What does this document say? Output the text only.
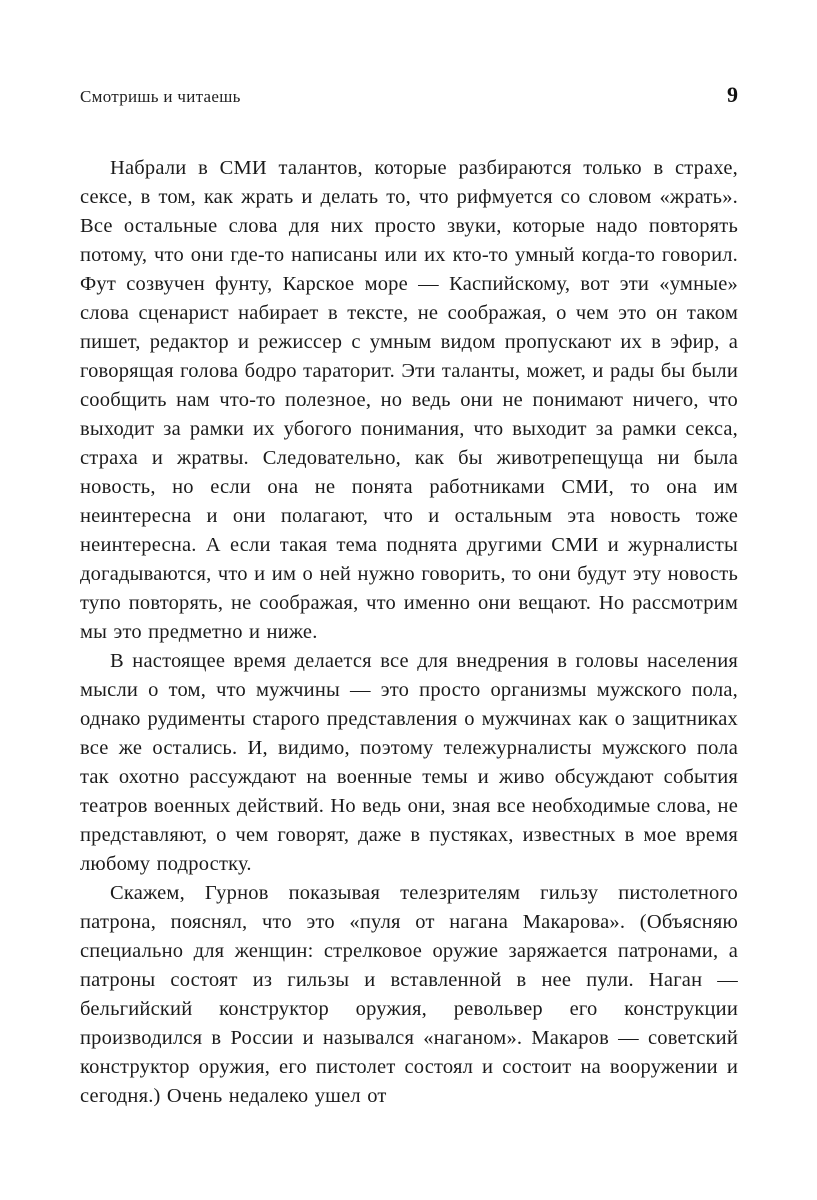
Смотришь и читаешь	9

Набрали в СМИ талантов, которые разбираются только в страхе, сексе, в том, как жрать и делать то, что рифмуется со словом «жрать». Все остальные слова для них просто звуки, которые надо повторять потому, что они где-то написаны или их кто-то умный когда-то говорил. Фут созвучен фунту, Карское море — Каспийскому, вот эти «умные» слова сценарист набирает в тексте, не соображая, о чем это он таком пишет, редактор и режиссер с умным видом пропускают их в эфир, а говорящая голова бодро тараторит. Эти таланты, может, и рады бы были сообщить нам что-то полезное, но ведь они не понимают ничего, что выходит за рамки их убогого понимания, что выходит за рамки секса, страха и жратвы. Следовательно, как бы животрепещуща ни была новость, но если она не понята работниками СМИ, то она им неинтересна и они полагают, что и остальным эта новость тоже неинтересна. А если такая тема поднята другими СМИ и журналисты догадываются, что и им о ней нужно говорить, то они будут эту новость тупо повторять, не соображая, что именно они вещают. Но рассмотрим мы это предметно и ниже.

В настоящее время делается все для внедрения в головы населения мысли о том, что мужчины — это просто организмы мужского пола, однако рудименты старого представления о мужчинах как о защитниках все же остались. И, видимо, поэтому тележурналисты мужского пола так охотно рассуждают на военные темы и живо обсуждают события театров военных действий. Но ведь они, зная все необходимые слова, не представляют, о чем говорят, даже в пустяках, известных в мое время любому подростку.

Скажем, Гурнов показывая телезрителям гильзу пистолетного патрона, пояснял, что это «пуля от нагана Макарова». (Объясняю специально для женщин: стрелковое оружие заряжается патронами, а патроны состоят из гильзы и вставленной в нее пули. Наган — бельгийский конструктор оружия, револьвер его конструкции производился в России и назывался «наганом». Макаров — советский конструктор оружия, его пистолет состоял и состоит на вооружении и сегодня.) Очень недалеко ушел от
